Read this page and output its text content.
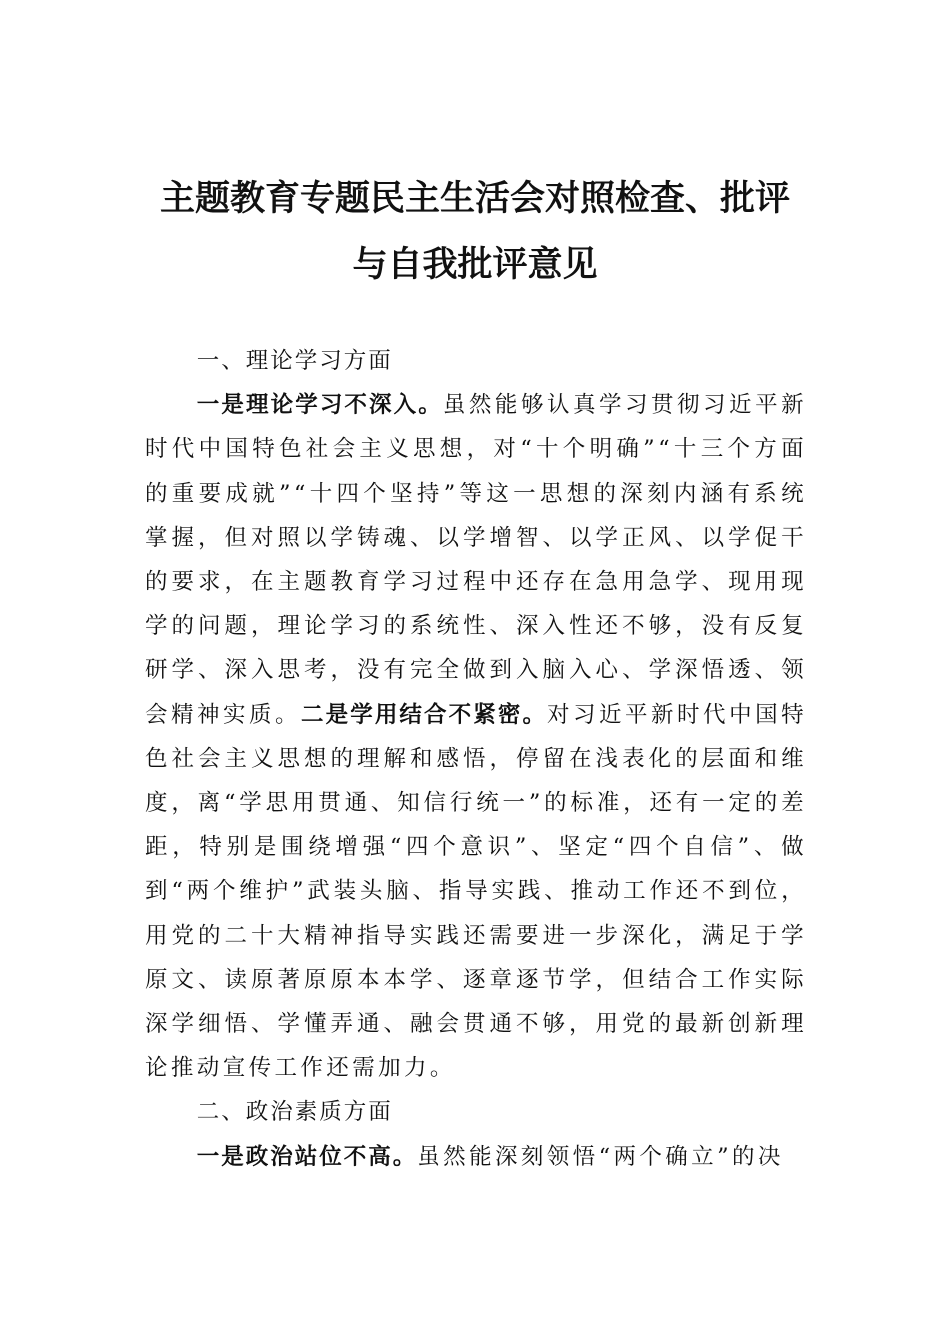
主题教育专题民主生活会对照检查、批评
与自我批评意见

一、理论学习方面

一是理论学习不深入。虽然能够认真学习贯彻习近平新时代中国特色社会主义思想，对“十个明确”“十三个方面的重要成就”“十四个坚持”等这一思想的深刻内涵有系统掌握，但对照以学铸魂、以学增智、以学正风、以学促干的要求，在主题教育学习过程中还存在急用急学、现用现学的问题，理论学习的系统性、深入性还不够，没有反复研学、深入思考，没有完全做到入脑入心、学深悟透、领会精神实质。二是学用结合不紧密。对习近平新时代中国特色社会主义思想的理解和感悟，停留在浅表化的层面和维度，离“学思用贯通、知信行统一”的标准，还有一定的差距，特别是围绕增强“四个意识”、坚定“四个自信”、做到“两个维护”武装头脑、指导实践、推动工作还不到位，用党的二十大精神指导实践还需要进一步深化，满足于学原文、读原著原原本本学、逐章逐节学，但结合工作实际深学细悟、学懂弄通、融会贯通不够，用党的最新创新理论推动宣传工作还需加力。

二、政治素质方面

一是政治站位不高。虽然能深刻领悟“两个确立”的决
